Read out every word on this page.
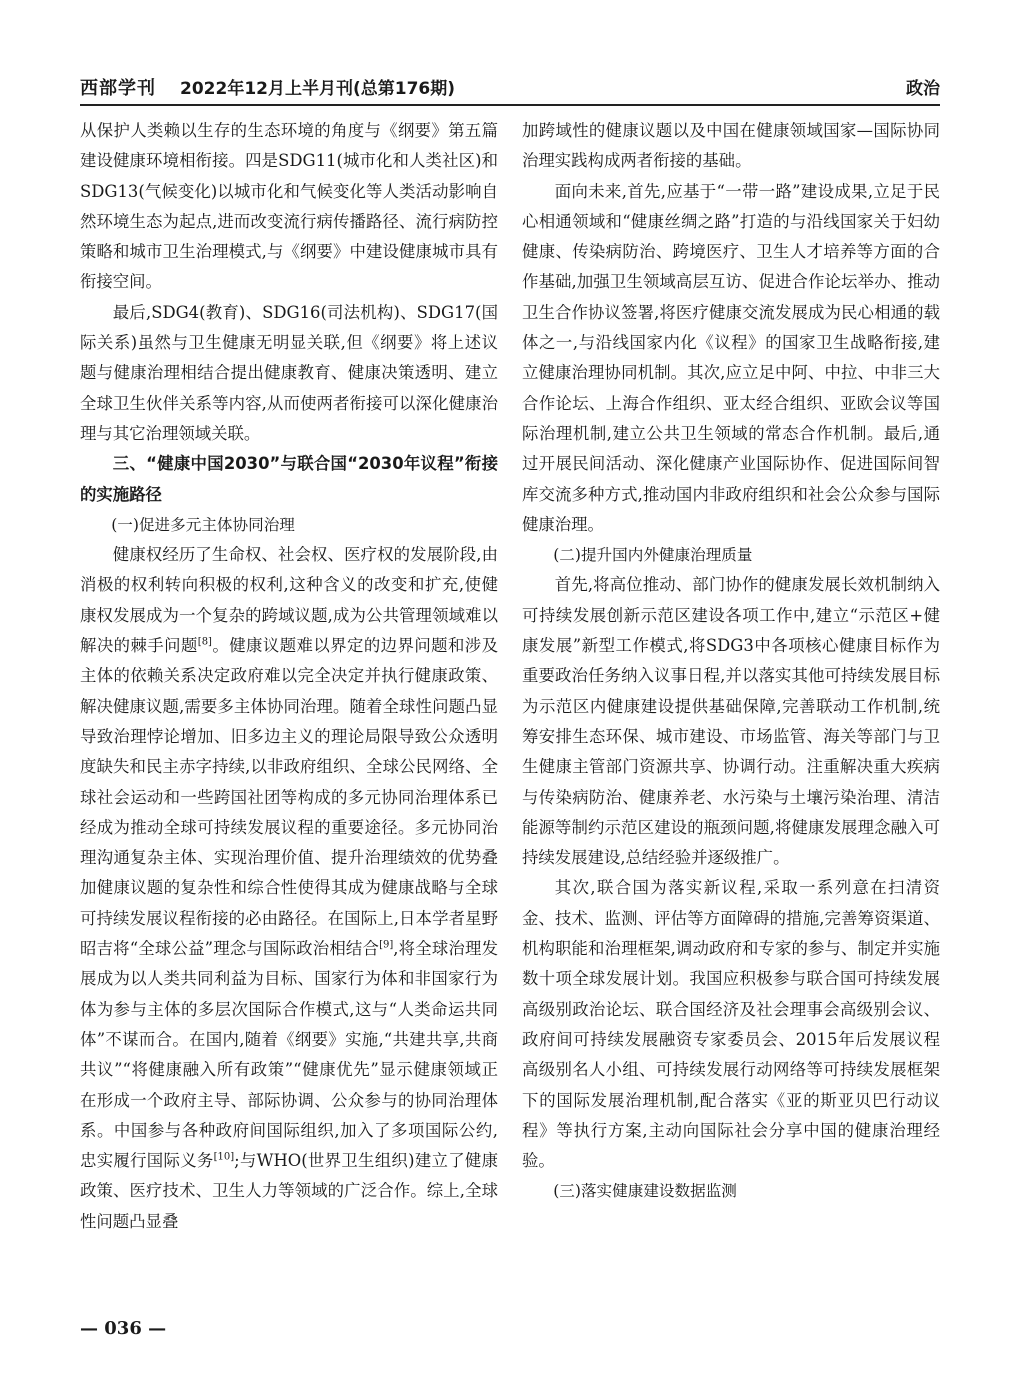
西部学刊 2022年12月上半月刊(总第176期)	政治

从保护人类赖以生存的生态环境的角度与《纲要》第五篇建设健康环境相衔接。四是SDG11(城市化和人类社区)和SDG13(气候变化)以城市化和气候变化等人类活动影响自然环境生态为起点,进而改变流行病传播路径、流行病防控策略和城市卫生治理模式,与《纲要》中建设健康城市具有衔接空间。

最后,SDG4(教育)、SDG16(司法机构)、SDG17(国际关系)虽然与卫生健康无明显关联,但《纲要》将上述议题与健康治理相结合提出健康教育、健康决策透明、建立全球卫生伙伴关系等内容,从而使两者衔接可以深化健康治理与其它治理领域关联。

三、“健康中国2030”与联合国“2030年议程”衔接的实施路径

(一)促进多元主体协同治理

健康权经历了生命权、社会权、医疗权的发展阶段,由消极的权利转向积极的权利,这种含义的改变和扩充,使健康权发展成为一个复杂的跨域议题,成为公共管理领域难以解决的棘手问题[8]。健康议题难以界定的边界问题和涉及主体的依赖关系决定政府难以完全决定并执行健康政策、解决健康议题,需要多主体协同治理。随着全球性问题凸显导致治理悖论增加、旧多边主义的理论局限导致公众透明度缺失和民主赤字持续,以非政府组织、全球公民网络、全球社会运动和一些跨国社团等构成的多元协同治理体系已经成为推动全球可持续发展议程的重要途径。多元协同治理沟通复杂主体、实现治理价值、提升治理绩效的优势叠加健康议题的复杂性和综合性使得其成为健康战略与全球可持续发展议程衔接的必由路径。在国际上,日本学者星野昭吉将“全球公益”理念与国际政治相结合[9],将全球治理发展成为以人类共同利益为目标、国家行为体和非国家行为体为参与主体的多层次国际合作模式,这与“人类命运共同体”不谋而合。在国内,随着《纲要》实施,“共建共享,共商共议”“将健康融入所有政策”“健康优先”显示健康领域正在形成一个政府主导、部际协调、公众参与的协同治理体系。中国参与各种政府间国际组织,加入了多项国际公约,忠实履行国际义务[10];与WHO(世界卫生组织)建立了健康政策、医疗技术、卫生人力等领域的广泛合作。综上,全球性问题凸显叠

加跨域性的健康议题以及中国在健康领域国家—国际协同治理实践构成两者衔接的基础。

面向未来,首先,应基于“一带一路”建设成果,立足于民心相通领域和“健康丝绸之路”打造的与沿线国家关于妇幼健康、传染病防治、跨境医疗、卫生人才培养等方面的合作基础,加强卫生领域高层互访、促进合作论坛举办、推动卫生合作协议签署,将医疗健康交流发展成为民心相通的载体之一,与沿线国家内化《议程》的国家卫生战略衔接,建立健康治理协同机制。其次,应立足中阿、中拉、中非三大合作论坛、上海合作组织、亚太经合组织、亚欧会议等国际治理机制,建立公共卫生领域的常态合作机制。最后,通过开展民间活动、深化健康产业国际协作、促进国际间智库交流多种方式,推动国内非政府组织和社会公众参与国际健康治理。

(二)提升国内外健康治理质量

首先,将高位推动、部门协作的健康发展长效机制纳入可持续发展创新示范区建设各项工作中,建立“示范区+健康发展”新型工作模式,将SDG3中各项核心健康目标作为重要政治任务纳入议事日程,并以落实其他可持续发展目标为示范区内健康建设提供基础保障,完善联动工作机制,统筹安排生态环保、城市建设、市场监管、海关等部门与卫生健康主管部门资源共享、协调行动。注重解决重大疾病与传染病防治、健康养老、水污染与土壤污染治理、清洁能源等制约示范区建设的瓶颈问题,将健康发展理念融入可持续发展建设,总结经验并逐级推广。

其次,联合国为落实新议程,采取一系列意在扫清资金、技术、监测、评估等方面障碍的措施,完善筹资渠道、机构职能和治理框架,调动政府和专家的参与、制定并实施数十项全球发展计划。我国应积极参与联合国可持续发展高级别政治论坛、联合国经济及社会理事会高级别会议、政府间可持续发展融资专家委员会、2015年后发展议程高级别名人小组、可持续发展行动网络等可持续发展框架下的国际发展治理机制,配合落实《亚的斯亚贝巴行动议程》等执行方案,主动向国际社会分享中国的健康治理经验。

(三)落实健康建设数据监测

— 036 —
